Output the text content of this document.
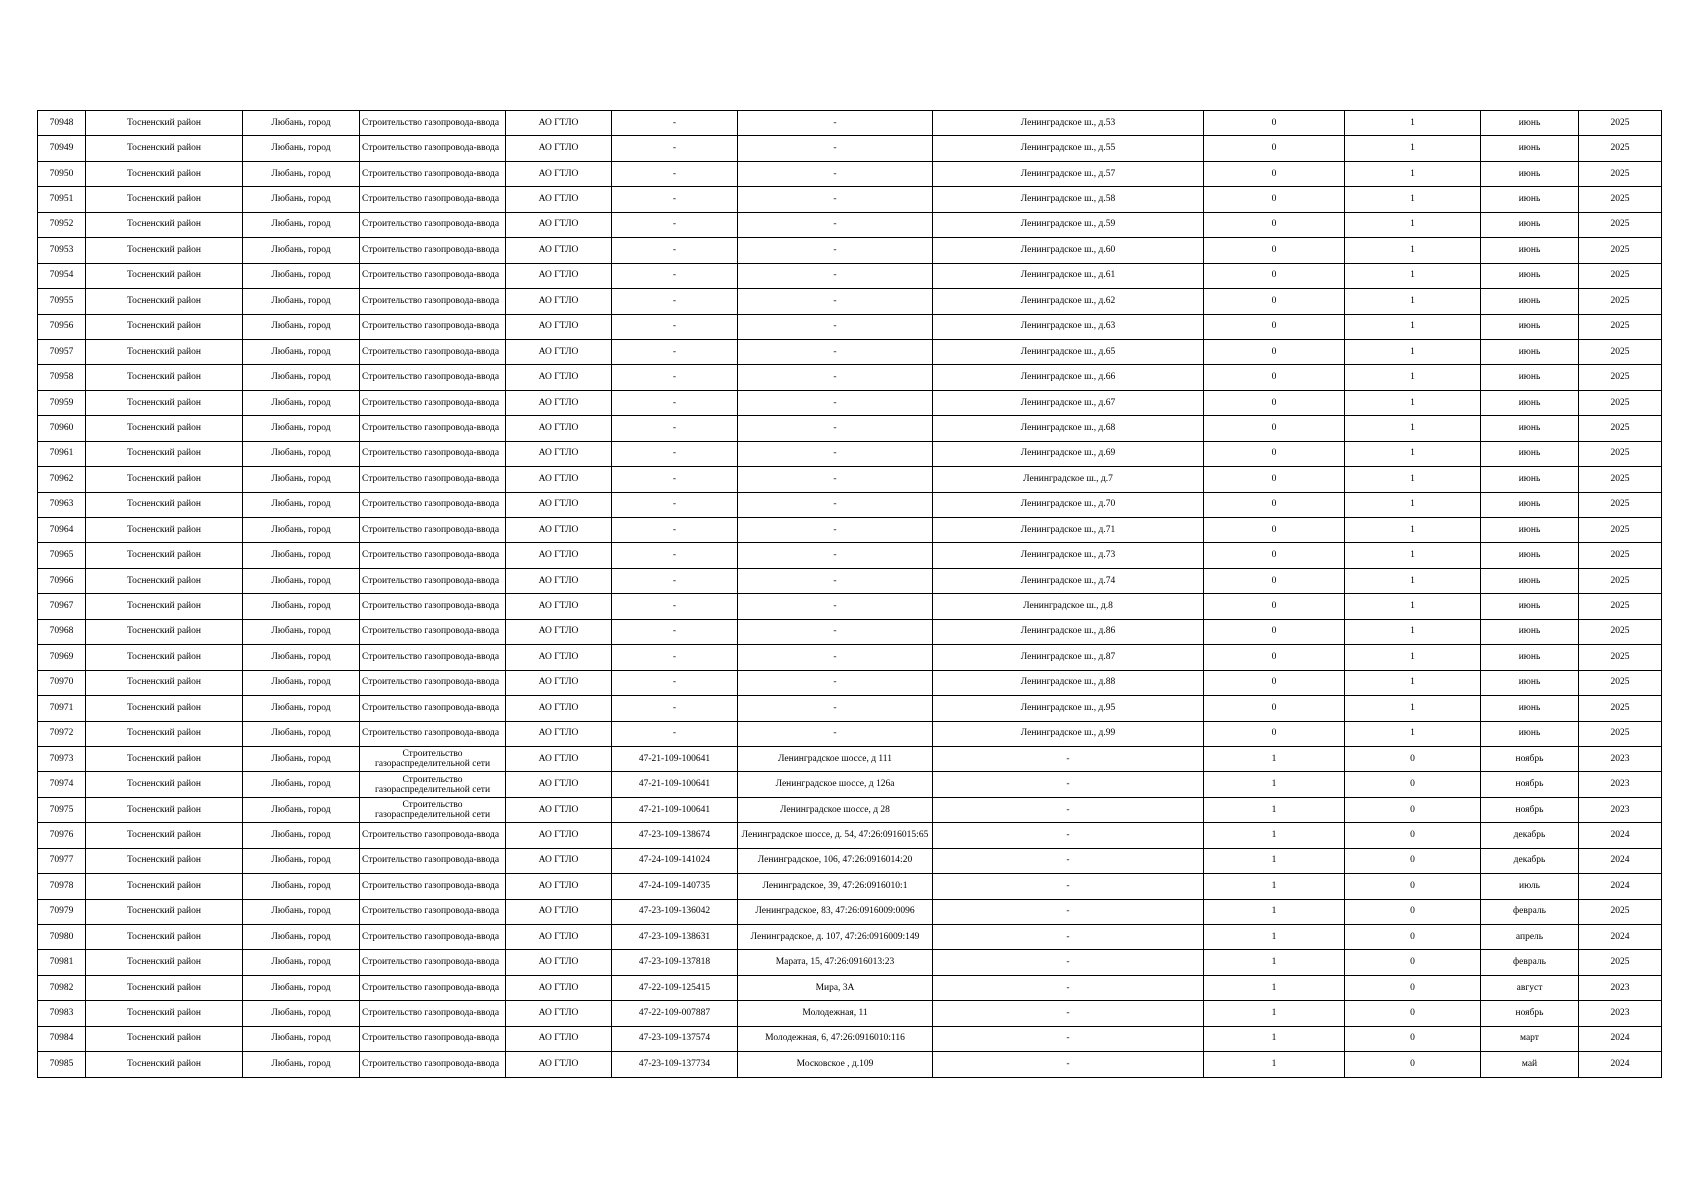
70948	Тосненский район	Любань, город	Строительство газопровода-ввода	АО ГТЛО	-	-	Ленинградское ш., д.53	0	1	июнь	2025
70949	Тосненский район	Любань, город	Строительство газопровода-ввода	АО ГТЛО	-	-	Ленинградское ш., д.55	0	1	июнь	2025
70950	Тосненский район	Любань, город	Строительство газопровода-ввода	АО ГТЛО	-	-	Ленинградское ш., д.57	0	1	июнь	2025
70951	Тосненский район	Любань, город	Строительство газопровода-ввода	АО ГТЛО	-	-	Ленинградское ш., д.58	0	1	июнь	2025
70952	Тосненский район	Любань, город	Строительство газопровода-ввода	АО ГТЛО	-	-	Ленинградское ш., д.59	0	1	июнь	2025
70953	Тосненский район	Любань, город	Строительство газопровода-ввода	АО ГТЛО	-	-	Ленинградское ш., д.60	0	1	июнь	2025
70954	Тосненский район	Любань, город	Строительство газопровода-ввода	АО ГТЛО	-	-	Ленинградское ш., д.61	0	1	июнь	2025
70955	Тосненский район	Любань, город	Строительство газопровода-ввода	АО ГТЛО	-	-	Ленинградское ш., д.62	0	1	июнь	2025
70956	Тосненский район	Любань, город	Строительство газопровода-ввода	АО ГТЛО	-	-	Ленинградское ш., д.63	0	1	июнь	2025
70957	Тосненский район	Любань, город	Строительство газопровода-ввода	АО ГТЛО	-	-	Ленинградское ш., д.65	0	1	июнь	2025
70958	Тосненский район	Любань, город	Строительство газопровода-ввода	АО ГТЛО	-	-	Ленинградское ш., д.66	0	1	июнь	2025
70959	Тосненский район	Любань, город	Строительство газопровода-ввода	АО ГТЛО	-	-	Ленинградское ш., д.67	0	1	июнь	2025
70960	Тосненский район	Любань, город	Строительство газопровода-ввода	АО ГТЛО	-	-	Ленинградское ш., д.68	0	1	июнь	2025
70961	Тосненский район	Любань, город	Строительство газопровода-ввода	АО ГТЛО	-	-	Ленинградское ш., д.69	0	1	июнь	2025
70962	Тосненский район	Любань, город	Строительство газопровода-ввода	АО ГТЛО	-	-	Ленинградское ш., д.7	0	1	июнь	2025
70963	Тосненский район	Любань, город	Строительство газопровода-ввода	АО ГТЛО	-	-	Ленинградское ш., д.70	0	1	июнь	2025
70964	Тосненский район	Любань, город	Строительство газопровода-ввода	АО ГТЛО	-	-	Ленинградское ш., д.71	0	1	июнь	2025
70965	Тосненский район	Любань, город	Строительство газопровода-ввода	АО ГТЛО	-	-	Ленинградское ш., д.73	0	1	июнь	2025
70966	Тосненский район	Любань, город	Строительство газопровода-ввода	АО ГТЛО	-	-	Ленинградское ш., д.74	0	1	июнь	2025
70967	Тосненский район	Любань, город	Строительство газопровода-ввода	АО ГТЛО	-	-	Ленинградское ш., д.8	0	1	июнь	2025
70968	Тосненский район	Любань, город	Строительство газопровода-ввода	АО ГТЛО	-	-	Ленинградское ш., д.86	0	1	июнь	2025
70969	Тосненский район	Любань, город	Строительство газопровода-ввода	АО ГТЛО	-	-	Ленинградское ш., д.87	0	1	июнь	2025
70970	Тосненский район	Любань, город	Строительство газопровода-ввода	АО ГТЛО	-	-	Ленинградское ш., д.88	0	1	июнь	2025
70971	Тосненский район	Любань, город	Строительство газопровода-ввода	АО ГТЛО	-	-	Ленинградское ш., д.95	0	1	июнь	2025
70972	Тосненский район	Любань, город	Строительство газопровода-ввода	АО ГТЛО	-	-	Ленинградское ш., д.99	0	1	июнь	2025
70973	Тосненский район	Любань, город	Строительство газораспределительной сети	АО ГТЛО	47-21-109-100641	Ленинградское шоссе, д 111	-	1	0	ноябрь	2023
70974	Тосненский район	Любань, город	Строительство газораспределительной сети	АО ГТЛО	47-21-109-100641	Ленинградское шоссе, д 126а	-	1	0	ноябрь	2023
70975	Тосненский район	Любань, город	Строительство газораспределительной сети	АО ГТЛО	47-21-109-100641	Ленинградское шоссе, д 28	-	1	0	ноябрь	2023
70976	Тосненский район	Любань, город	Строительство газопровода-ввода	АО ГТЛО	47-23-109-138674	Ленинградское шоссе, д. 54, 47:26:0916015:65	-	1	0	декабрь	2024
70977	Тосненский район	Любань, город	Строительство газопровода-ввода	АО ГТЛО	47-24-109-141024	Ленинградское, 106, 47:26:0916014:20	-	1	0	декабрь	2024
70978	Тосненский район	Любань, город	Строительство газопровода-ввода	АО ГТЛО	47-24-109-140735	Ленинградское, 39, 47:26:0916010:1	-	1	0	июль	2024
70979	Тосненский район	Любань, город	Строительство газопровода-ввода	АО ГТЛО	47-23-109-136042	Ленинградское, 83, 47:26:0916009:0096	-	1	0	февраль	2025
70980	Тосненский район	Любань, город	Строительство газопровода-ввода	АО ГТЛО	47-23-109-138631	Ленинградское, д. 107, 47:26:0916009:149	-	1	0	апрель	2024
70981	Тосненский район	Любань, город	Строительство газопровода-ввода	АО ГТЛО	47-23-109-137818	Марата, 15, 47:26:0916013:23	-	1	0	февраль	2025
70982	Тосненский район	Любань, город	Строительство газопровода-ввода	АО ГТЛО	47-22-109-125415	Мира, 3А	-	1	0	август	2023
70983	Тосненский район	Любань, город	Строительство газопровода-ввода	АО ГТЛО	47-22-109-007887	Молодежная, 11	-	1	0	ноябрь	2023
70984	Тосненский район	Любань, город	Строительство газопровода-ввода	АО ГТЛО	47-23-109-137574	Молодежная, 6, 47:26:0916010:116	-	1	0	март	2024
70985	Тосненский район	Любань, город	Строительство газопровода-ввода	АО ГТЛО	47-23-109-137734	Московское , д.109	-	1	0	май	2024
